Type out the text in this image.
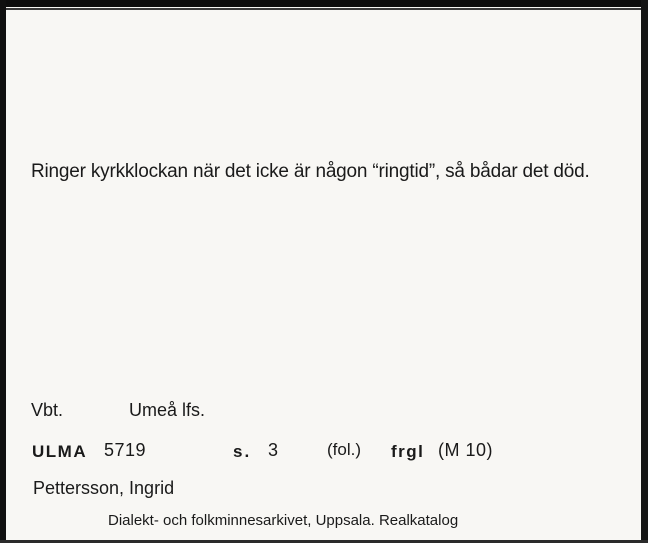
Ringer kyrkklockan när det icke är någon “ringtid”, så bådar det död.
Vbt.	Umeå lfs.
ULMA 5719	s. 3	(fol.) frgl (M 10)
Pettersson, Ingrid
Dialekt- och folkminnesarkivet, Uppsala. Realkatalog
